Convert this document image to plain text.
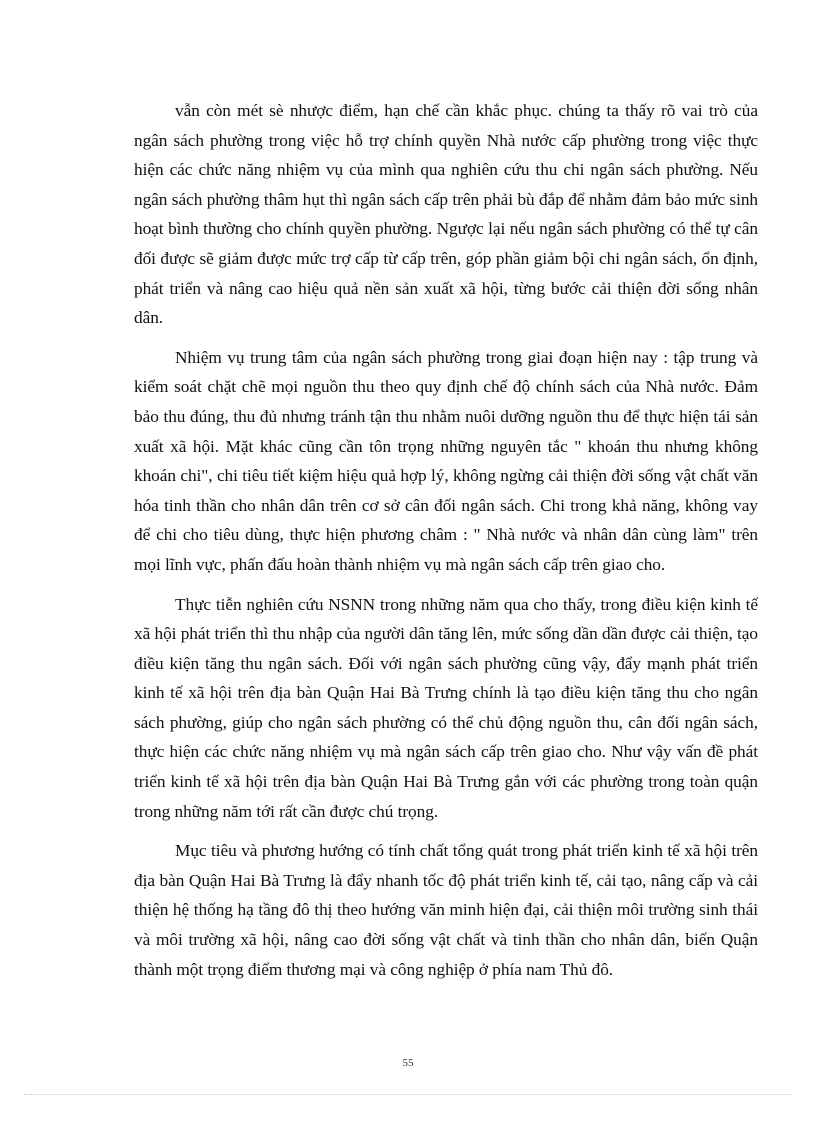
vẫn còn mét sè nhược điểm, hạn chế cần khắc phục. chúng ta thấy rõ vai trò của ngân sách phường trong việc hỗ trợ chính quyền Nhà nước cấp phường trong việc thực hiện các chức năng nhiệm vụ của mình qua nghiên cứu thu chi ngân sách phường. Nếu ngân sách phường thâm hụt thì ngân sách cấp trên phải bù đắp để nhằm đảm bảo mức sinh hoạt bình thường cho chính quyền phường. Ngược lại nếu ngân sách phường có thể tự cân đối được sẽ giảm được mức trợ cấp từ cấp trên, góp phần giảm bội chi ngân sách, ổn định, phát triển và nâng cao hiệu quả nền sản xuất xã hội, từng bước cải thiện đời sống nhân dân.

Nhiệm vụ trung tâm của ngân sách phường trong giai đoạn hiện nay : tập trung và kiểm soát chặt chẽ mọi nguồn thu theo quy định chế độ chính sách của Nhà nước. Đảm bảo thu đúng, thu đủ nhưng tránh tận thu nhằm nuôi dưỡng nguồn thu để thực hiện tái sản xuất xã hội. Mặt khác cũng cần tôn trọng những nguyên tắc " khoán thu nhưng không khoán chi", chi tiêu tiết kiệm hiệu quả hợp lý, không ngừng cải thiện đời sống vật chất văn hóa tinh thần cho nhân dân trên cơ sở cân đối ngân sách. Chi trong khả năng, không vay để chi cho tiêu dùng, thực hiện phương châm : " Nhà nước và nhân dân cùng làm" trên mọi lĩnh vực, phấn đấu hoàn thành nhiệm vụ mà ngân sách cấp trên giao cho.

Thực tiễn nghiên cứu NSNN trong những năm qua cho thấy, trong điều kiện kinh tế xã hội phát triển thì thu nhập của người dân tăng lên, mức sống dần dần được cải thiện, tạo điều kiện tăng thu ngân sách. Đối với ngân sách phường cũng vậy, đẩy mạnh phát triển kinh tế xã hội trên địa bàn Quận Hai Bà Trưng chính là tạo điều kiện tăng thu cho ngân sách phường, giúp cho ngân sách phường có thể chủ động nguồn thu, cân đối ngân sách, thực hiện các chức năng nhiệm vụ mà ngân sách cấp trên giao cho. Như vậy vấn đề phát triển kinh tế xã hội trên địa bàn Quận Hai Bà Trưng gắn với các phường trong toàn quận trong những năm tới rất cần được chú trọng.

Mục tiêu và phương hướng có tính chất tổng quát trong phát triển kinh tế xã hội trên địa bàn Quận Hai Bà Trưng là đẩy nhanh tốc độ phát triển kinh tế, cải tạo, nâng cấp và cải thiện hệ thống hạ tầng đô thị theo hướng văn minh hiện đại, cải thiện môi trường sinh thái và môi trường xã hội, nâng cao đời sống vật chất và tinh thần cho nhân dân, biến Quận thành một trọng điểm thương mại và công nghiệp ở phía nam Thủ đô.

55
